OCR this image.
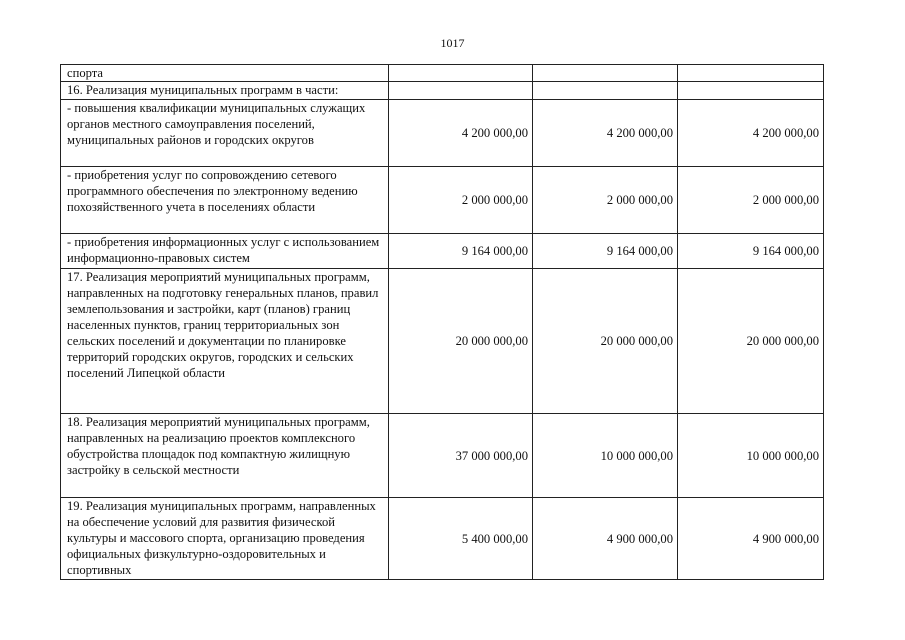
1017
спорта			

16. Реализация муниципальных программ в части:			

- повышения квалификации муниципальных служащих органов местного самоуправления поселений, муниципальных районов и городских округов	4 200 000,00	4 200 000,00	4 200 000,00

- приобретения услуг по сопровождению сетевого программного обеспечения по электронному ведению похозяйственного учета в поселениях области	2 000 000,00	2 000 000,00	2 000 000,00

- приобретения информационных услуг с использованием информационно-правовых систем	9 164 000,00	9 164 000,00	9 164 000,00

17. Реализация мероприятий муниципальных программ, направленных на подготовку генеральных планов, правил землепользования и застройки, карт (планов) границ населенных пунктов, границ территориальных зон сельских поселений и документации по планировке территорий городских округов, городских и сельских поселений Липецкой области	20 000 000,00	20 000 000,00	20 000 000,00

18. Реализация мероприятий муниципальных программ, направленных на реализацию проектов комплексного обустройства площадок под компактную жилищную застройку в сельской местности	37 000 000,00	10 000 000,00	10 000 000,00

19. Реализация муниципальных программ, направленных на обеспечение условий для развития физической культуры и массового спорта, организацию проведения официальных физкультурно-оздоровительных и спортивных	5 400 000,00	4 900 000,00	4 900 000,00
